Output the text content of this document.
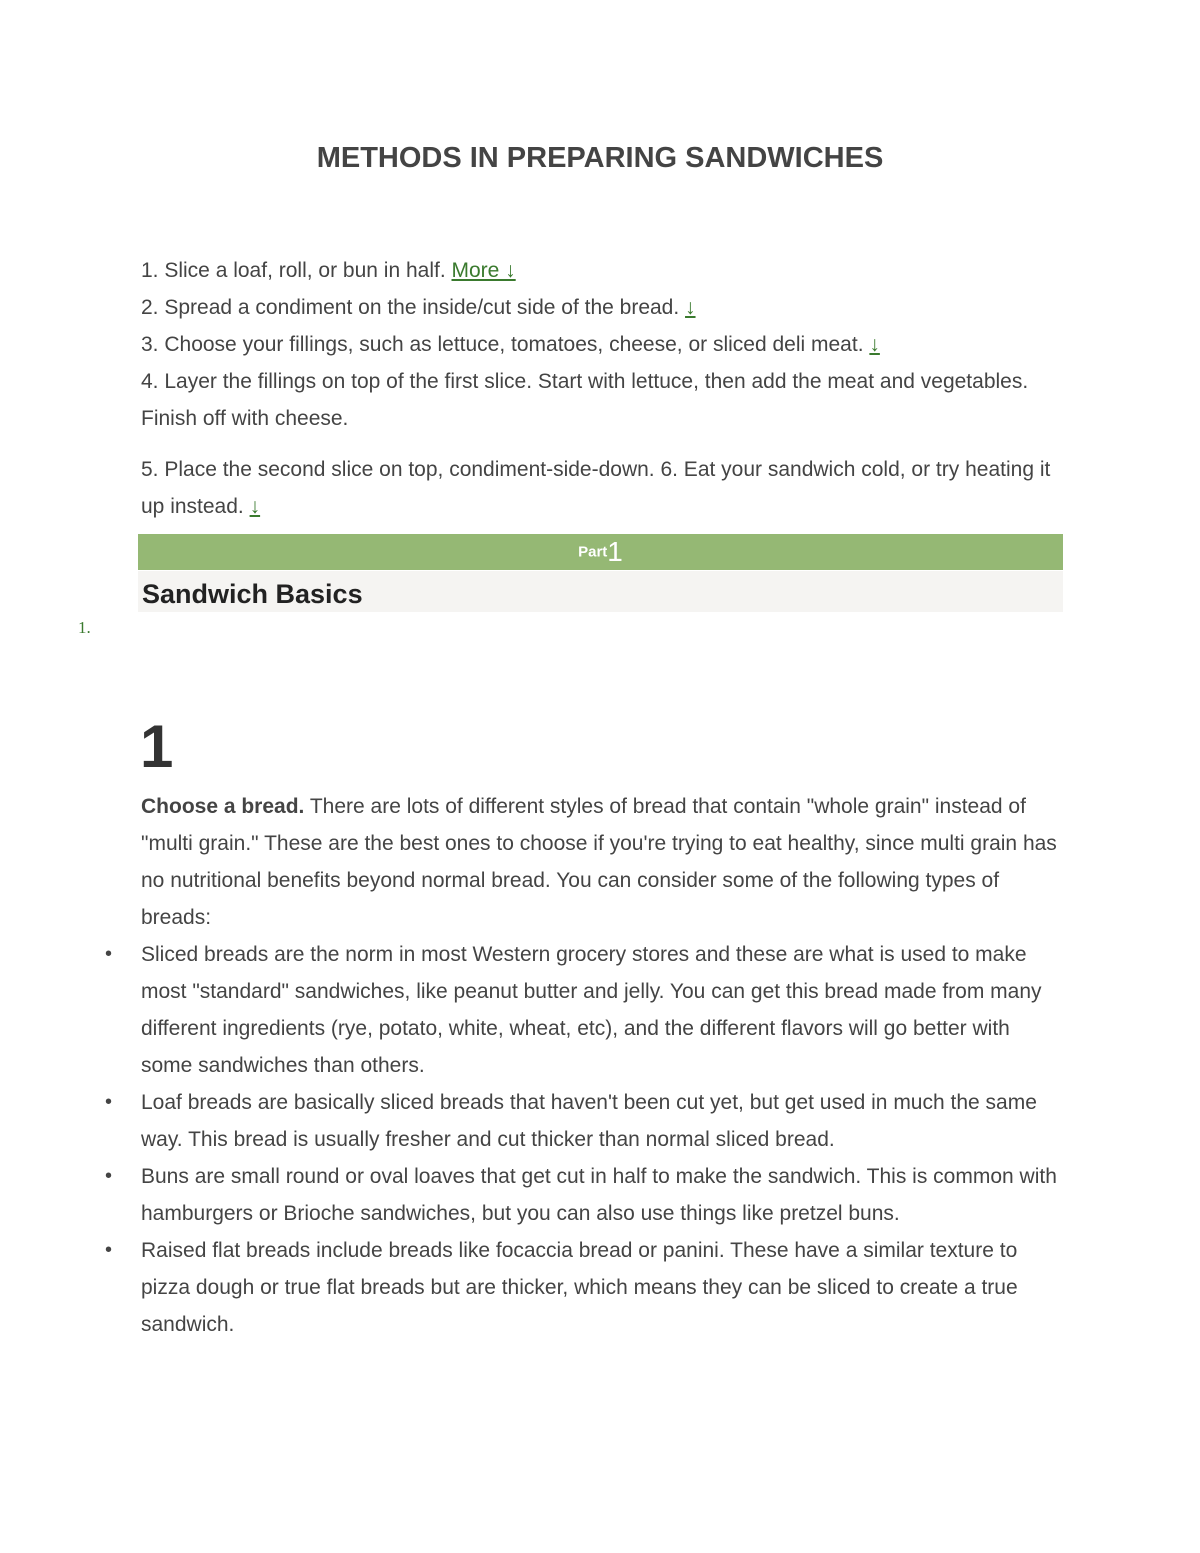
METHODS IN PREPARING SANDWICHES

1. Slice a loaf, roll, or bun in half. More ↓

2. Spread a condiment on the inside/cut side of the bread. ↓

3. Choose your fillings, such as lettuce, tomatoes, cheese, or sliced deli meat. ↓

4. Layer the fillings on top of the first slice. Start with lettuce, then add the meat and vegetables. Finish off with cheese.

5. Place the second slice on top, condiment-side-down. 6. Eat your sandwich cold, or try heating it up instead. ↓

Part1
Sandwich Basics
1.
1

Choose a bread. There are lots of different styles of bread that contain "whole grain" instead of "multi grain." These are the best ones to choose if you're trying to eat healthy, since multi grain has no nutritional benefits beyond normal bread. You can consider some of the following types of breads:

• Sliced breads are the norm in most Western grocery stores and these are what is used to make most "standard" sandwiches, like peanut butter and jelly. You can get this bread made from many different ingredients (rye, potato, white, wheat, etc), and the different flavors will go better with some sandwiches than others.
• Loaf breads are basically sliced breads that haven't been cut yet, but get used in much the same way. This bread is usually fresher and cut thicker than normal sliced bread.
• Buns are small round or oval loaves that get cut in half to make the sandwich. This is common with hamburgers or Brioche sandwiches, but you can also use things like pretzel buns.
• Raised flat breads include breads like focaccia bread or panini. These have a similar texture to pizza dough or true flat breads but are thicker, which means they can be sliced to create a true sandwich.
